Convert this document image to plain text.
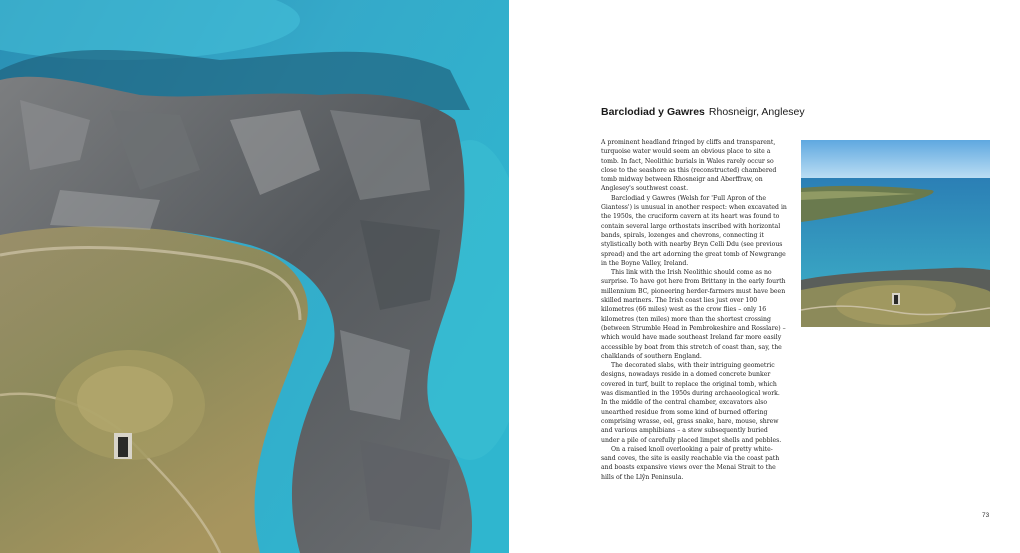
Barclodiad y Gawres Rhosneigr, Anglesey

A prominent headland fringed by cliffs and transparent, turquoise water would seem an obvious place to site a tomb. In fact, Neolithic burials in Wales rarely occur so close to the seashore as this (reconstructed) chambered tomb midway between Rhosneigr and Aberffraw, on Anglesey's southwest coast.

Barclodiad y Gawres (Welsh for 'Full Apron of the Giantess') is unusual in another respect: when excavated in the 1950s, the cruciform cavern at its heart was found to contain several large orthostats inscribed with horizontal bands, spirals, lozenges and chevrons, connecting it stylistically both with nearby Bryn Celli Ddu (see previous spread) and the art adorning the great tomb of Newgrange in the Boyne Valley, Ireland.

This link with the Irish Neolithic should come as no surprise. To have got here from Brittany in the early fourth millennium BC, pioneering herder-farmers must have been skilled mariners. The Irish coast lies just over 100 kilometres (66 miles) west as the crow flies – only 16 kilometres (ten miles) more than the shortest crossing (between Strumble Head in Pembrokeshire and Rosslare) – which would have made southeast Ireland far more easily accessible by boat from this stretch of coast than, say, the chalklands of southern England.

The decorated slabs, with their intriguing geometric designs, nowadays reside in a domed concrete bunker covered in turf, built to replace the original tomb, which was dismantled in the 1950s during archaeological work. In the middle of the central chamber, excavators also unearthed residue from some kind of burned offering comprising wrasse, eel, grass snake, hare, mouse, shrew and various amphibians – a stew subsequently buried under a pile of carefully placed limpet shells and pebbles.

On a raised knoll overlooking a pair of pretty white-sand coves, the site is easily reachable via the coast path and boasts expansive views over the Menai Strait to the hills of the Llŷn Peninsula.

73
